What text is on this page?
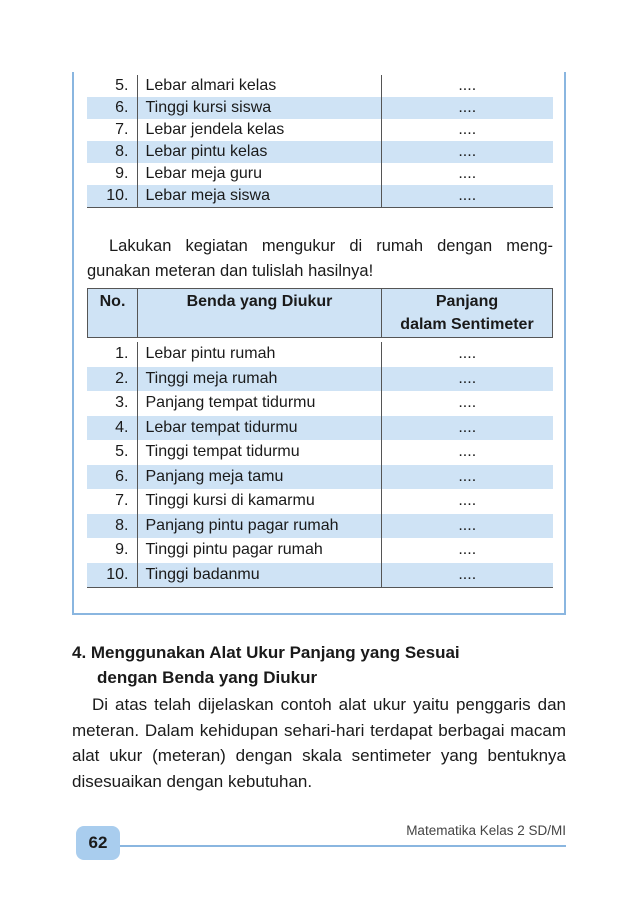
5.	Lebar almari kelas	....
6.	Tinggi kursi siswa	....
7.	Lebar jendela kelas	....
8.	Lebar pintu kelas	....
9.	Lebar meja guru	....
10.	Lebar meja siswa	....
Lakukan kegiatan mengukur di rumah dengan meng-gunakan meteran dan tulislah hasilnya!
No.	Benda yang Diukur	Panjang
dalam Sentimeter
1.	Lebar pintu rumah	....
2.	Tinggi meja rumah	....
3.	Panjang tempat tidurmu	....
4.	Lebar tempat tidurmu	....
5.	Tinggi tempat tidurmu	....
6.	Panjang meja tamu	....
7.	Tinggi kursi di kamarmu	....
8.	Panjang pintu pagar rumah	....
9.	Tinggi pintu pagar rumah	....
10.	Tinggi badanmu	....
4. Menggunakan Alat Ukur Panjang yang Sesuai
dengan Benda yang Diukur
Di atas telah dijelaskan contoh alat ukur yaitu penggaris dan meteran. Dalam kehidupan sehari-hari terdapat berbagai macam alat ukur (meteran) dengan skala sentimeter yang bentuknya disesuaikan dengan kebutuhan.
62
Matematika Kelas 2 SD/MI
